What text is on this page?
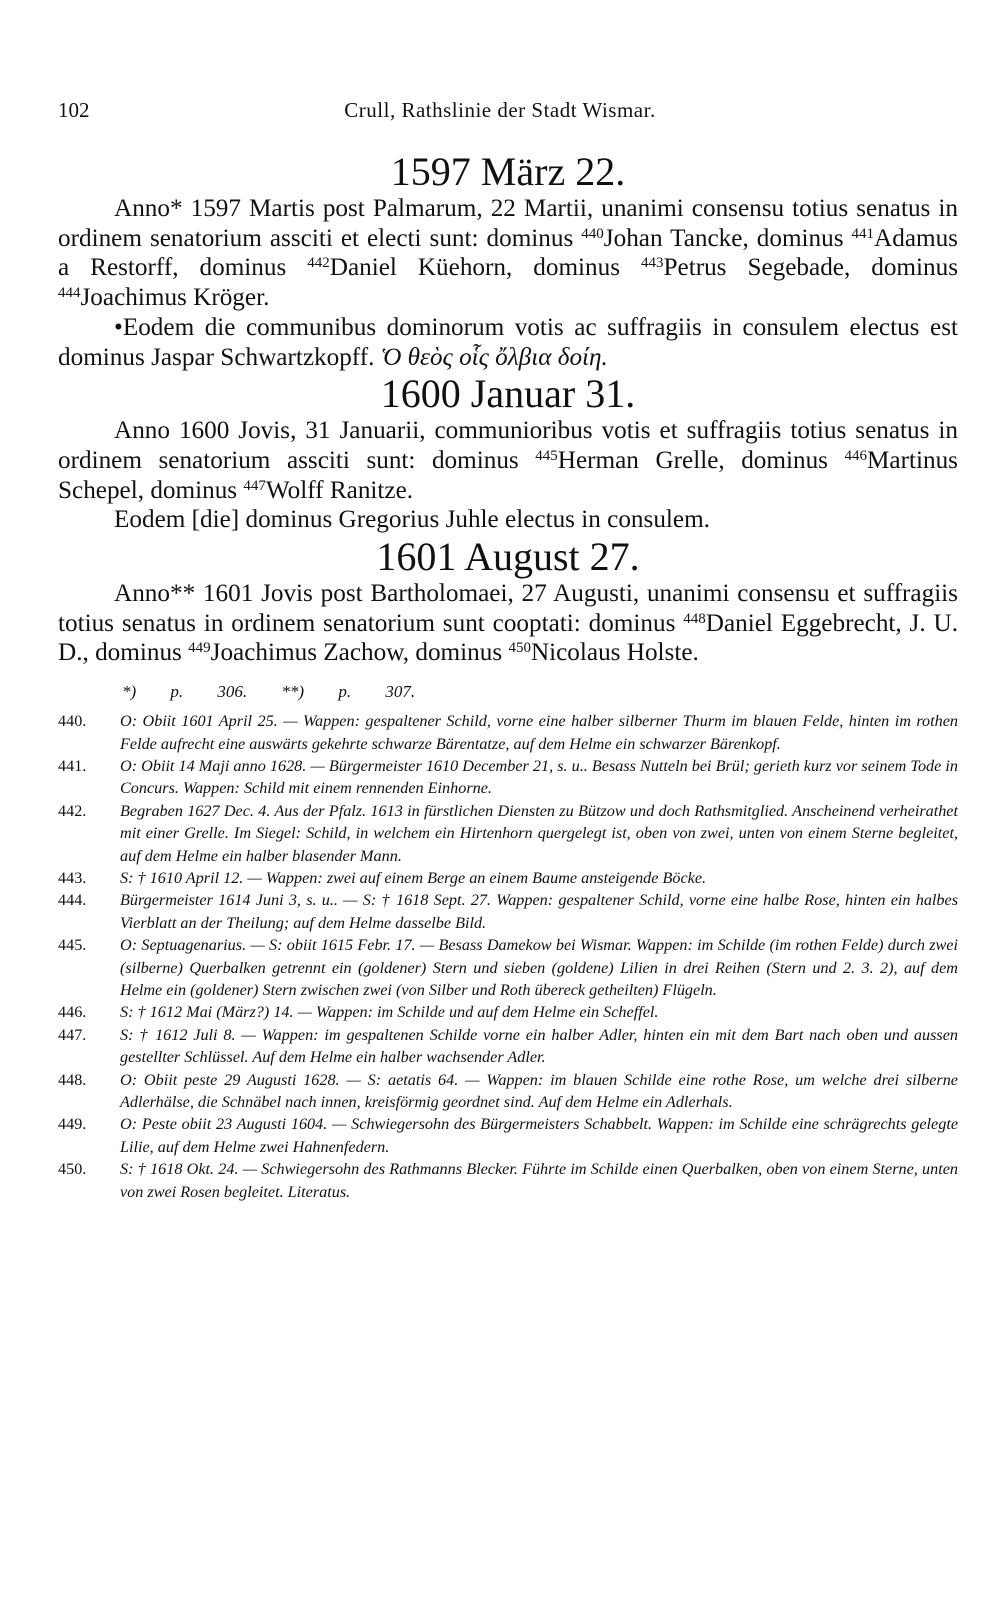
102	Crull, Rathslinie der Stadt Wismar.
1597 März 22.

Anno* 1597 Martis post Palmarum, 22 Martii, unanimi consensu totius senatus in ordinem senatorium assciti et electi sunt: dominus $^{440}$Johan Tancke, dominus $^{441}$Adamus a Restorff, dominus $^{442}$Daniel Küehorn, dominus $^{443}$Petrus Segebade, dominus $^{444}$Joachimus Kröger.

•Eodem die communibus dominorum votis ac suffragiis in consulem electus est dominus Jaspar Schwartzkopff. Ὁ θεὸς οἷς ὄλβια δοίη.

1600 Januar 31.

Anno 1600 Jovis, 31 Januarii, communioribus votis et suffragiis totius senatus in ordinem senatorium assciti sunt: dominus $^{445}$Herman Grelle, dominus $^{446}$Martinus Schepel, dominus $^{447}$Wolff Ranitze.

Eodem [die] dominus Gregorius Juhle electus in consulem.

1601 August 27.

Anno** 1601 Jovis post Bartholomaei, 27 Augusti, unanimi consensu et suffragiis totius senatus in ordinem senatorium sunt cooptati: dominus $^{448}$Daniel Eggebrecht, J. U. D., dominus $^{449}$Joachimus Zachow, dominus $^{450}$Nicolaus Holste.

*) p. 306. **) p. 307.

440. O: Obiit 1601 April 25. — Wappen: gespaltener Schild, vorne eine halber silberner Thurm im blauen Felde, hinten im rothen Felde aufrecht eine auswärts gekehrte schwarze Bärentatze, auf dem Helme ein schwarzer Bärenkopf.

441. O: Obiit 14 Maji anno 1628. — Bürgermeister 1610 December 21, s. u.. Besass Nutteln bei Brül; gerieth kurz vor seinem Tode in Concurs. Wappen: Schild mit einem rennenden Einhorne.

442. Begraben 1627 Dec. 4. Aus der Pfalz. 1613 in fürstlichen Diensten zu Bützow und doch Rathsmitglied. Anscheinend verheirathet mit einer Grelle. Im Siegel: Schild, in welchem ein Hirtenhorn quergelegt ist, oben von zwei, unten von einem Sterne begleitet, auf dem Helme ein halber blasender Mann.

443. S: † 1610 April 12. — Wappen: zwei auf einem Berge an einem Baume ansteigende Böcke.

444. Bürgermeister 1614 Juni 3, s. u.. — S: † 1618 Sept. 27. Wappen: gespaltener Schild, vorne eine halbe Rose, hinten ein halbes Vierblatt an der Theilung; auf dem Helme dasselbe Bild.

445. O: Septuagenarius. — S: obiit 1615 Febr. 17. — Besass Damekow bei Wismar. Wappen: im Schilde (im rothen Felde) durch zwei (silberne) Querbalken getrennt ein (goldener) Stern und sieben (goldene) Lilien in drei Reihen (Stern und 2. 3. 2), auf dem Helme ein (goldener) Stern zwischen zwei (von Silber und Roth übereck getheilten) Flügeln.

446. S: † 1612 Mai (März?) 14. — Wappen: im Schilde und auf dem Helme ein Scheffel.

447. S: † 1612 Juli 8. — Wappen: im gespaltenen Schilde vorne ein halber Adler, hinten ein mit dem Bart nach oben und aussen gestellter Schlüssel. Auf dem Helme ein halber wachsender Adler.

448. O: Obiit peste 29 Augusti 1628. — S: aetatis 64. — Wappen: im blauen Schilde eine rothe Rose, um welche drei silberne Adlerhälse, die Schnäbel nach innen, kreisförmig geordnet sind. Auf dem Helme ein Adlerhals.

449. O: Peste obiit 23 Augusti 1604. — Schwiegersohn des Bürgermeisters Schabbelt. Wappen: im Schilde eine schrägrechts gelegte Lilie, auf dem Helme zwei Hahnenfedern.

450. S: † 1618 Okt. 24. — Schwiegersohn des Rathmanns Blecker. Führte im Schilde einen Querbalken, oben von einem Sterne, unten von zwei Rosen begleitet. Literatus.
